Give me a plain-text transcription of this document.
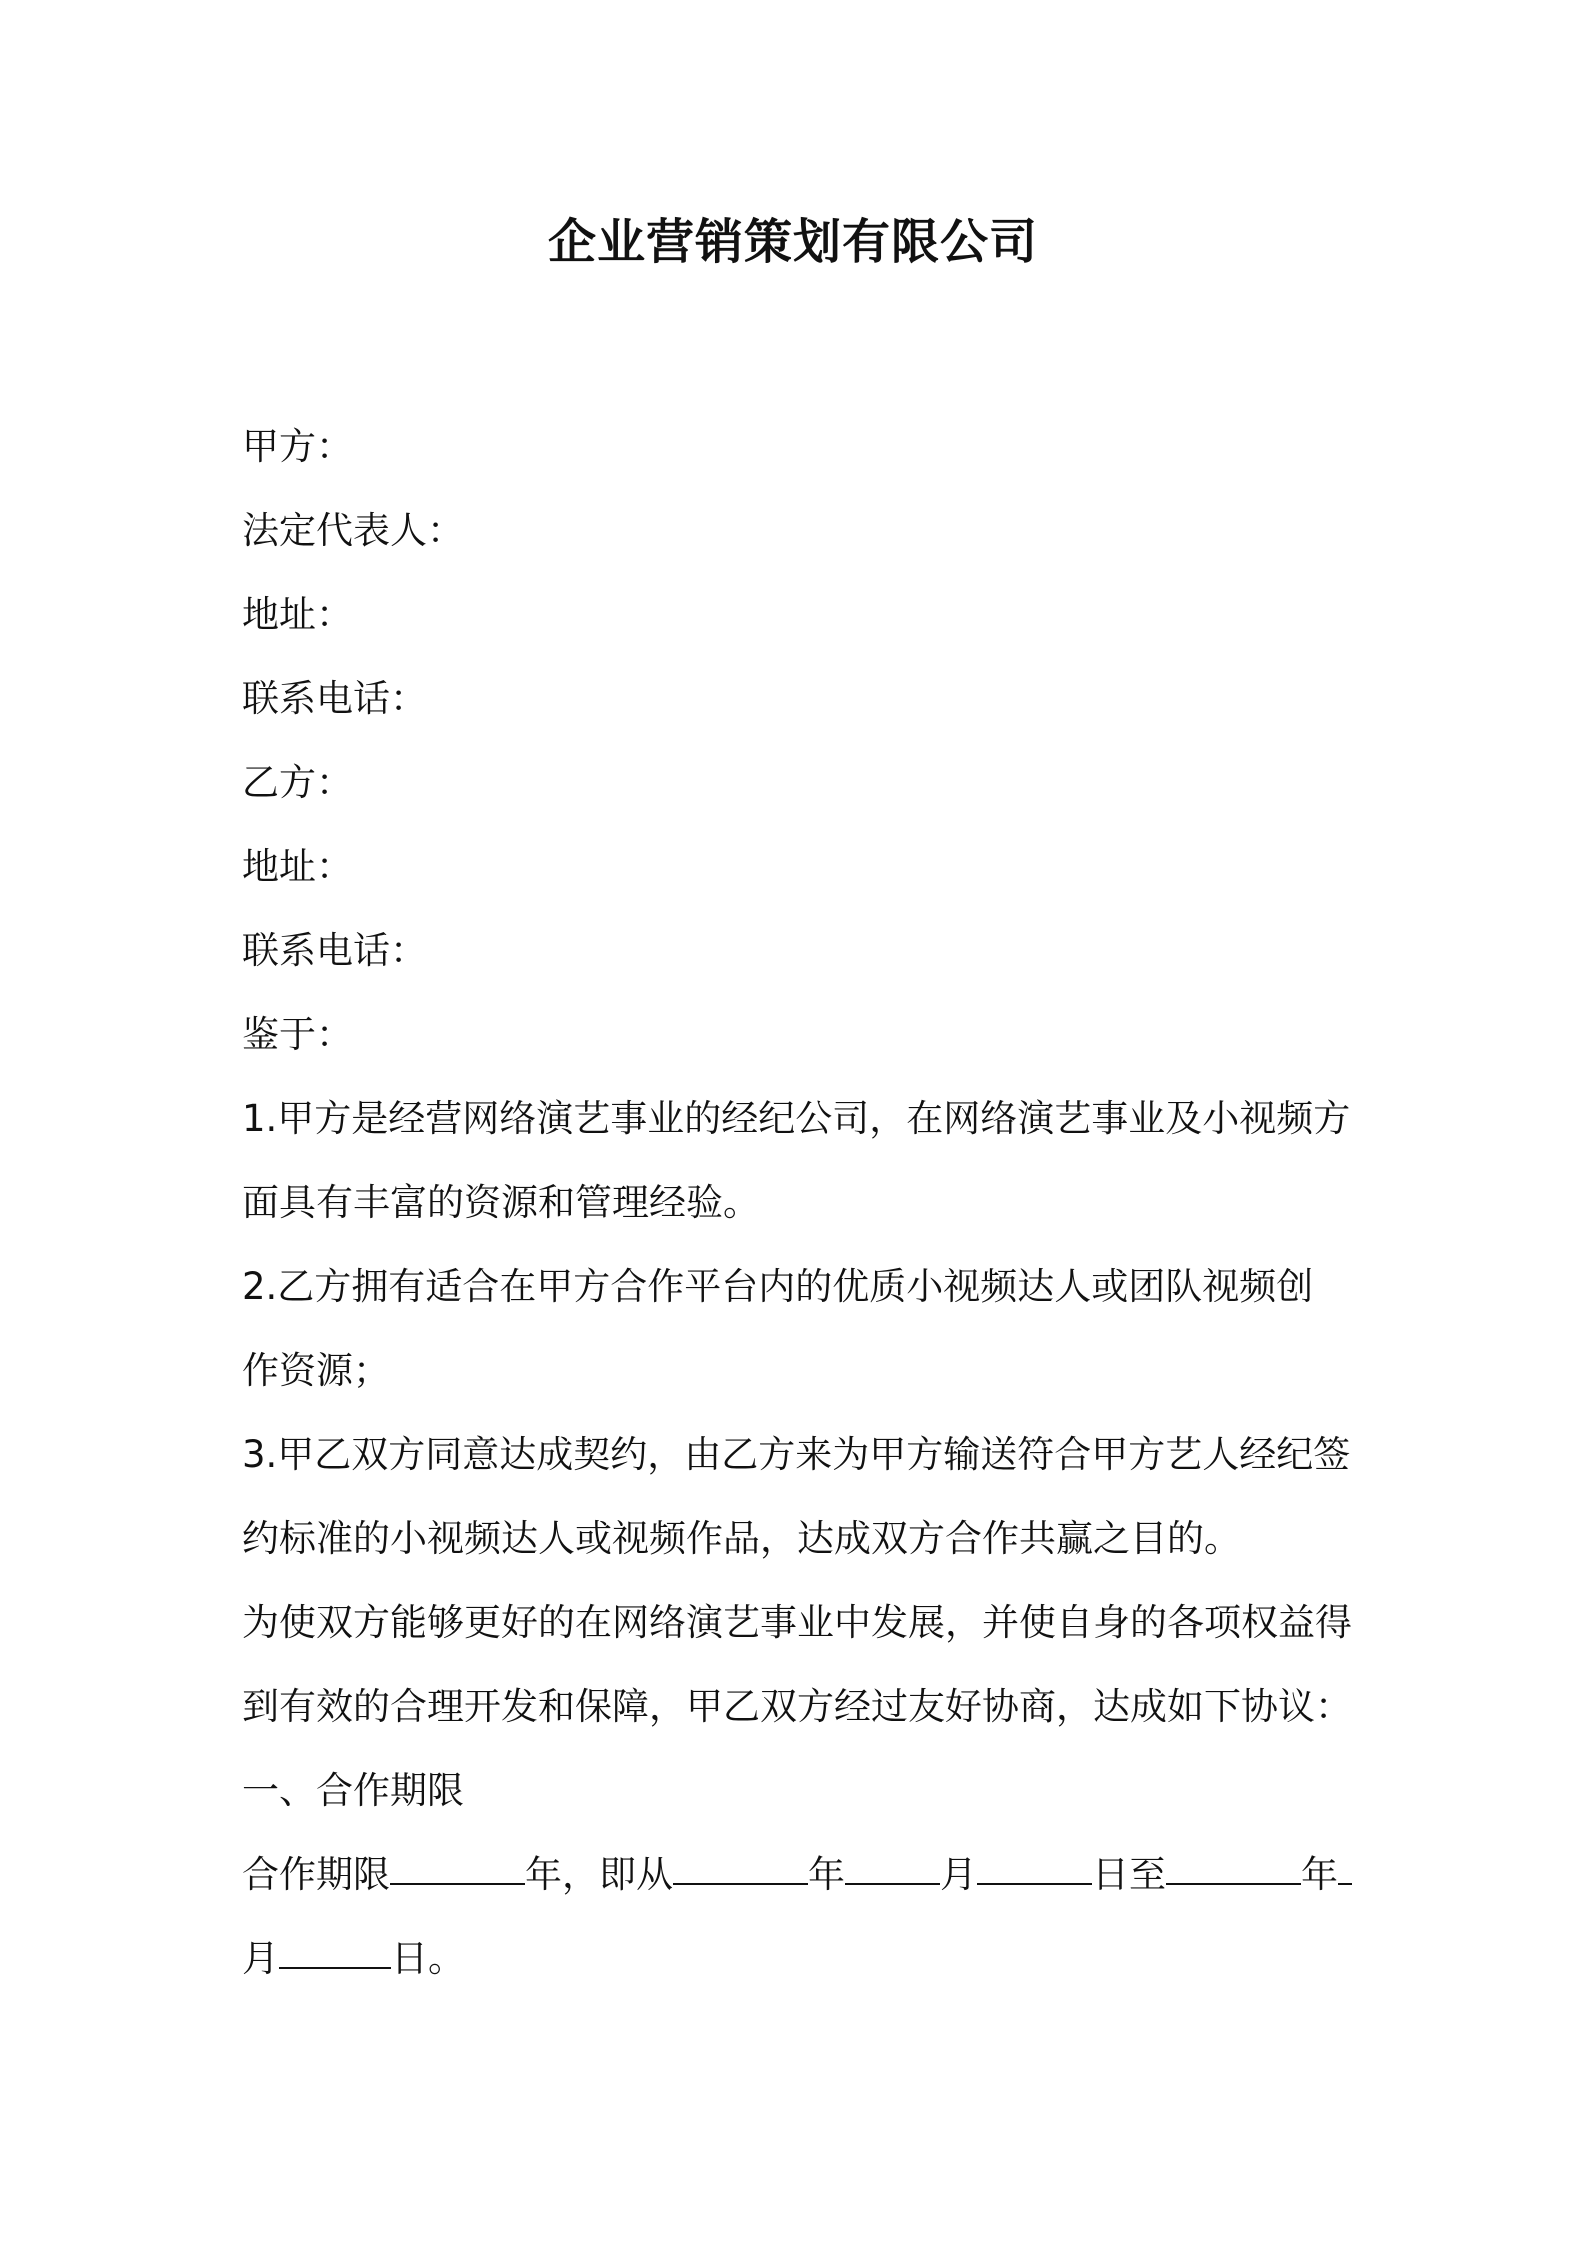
企业营销策划有限公司
甲方：
法定代表人：
地址：
联系电话：
乙方：
地址：
联系电话：
鉴于：
1.甲方是经营网络演艺事业的经纪公司，在网络演艺事业及小视频方
面具有丰富的资源和管理经验。
2.乙方拥有适合在甲方合作平台内的优质小视频达人或团队视频创
作资源；
3.甲乙双方同意达成契约，由乙方来为甲方输送符合甲方艺人经纪签
约标准的小视频达人或视频作品，达成双方合作共赢之目的。
为使双方能够更好的在网络演艺事业中发展，并使自身的各项权益得
到有效的合理开发和保障，甲乙双方经过友好协商，达成如下协议：
一、合作期限
合作期限	年，即从	年	月	日至	年
月	日。
